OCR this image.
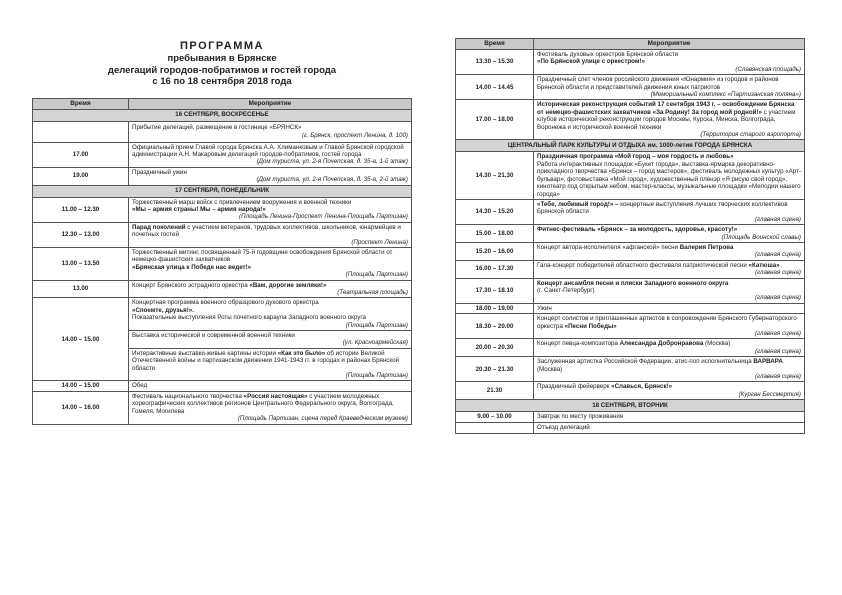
ПРОГРАММА
пребывания в Брянске
делегаций городов-побратимов и гостей города
с 16 по 18 сентября 2018 года
Время	Мероприятие
16 СЕНТЯБРЯ, ВОСКРЕСЕНЬЕ	

	Прибытие делегаций, размещение в гостинице «БРЯНСК»
(г. Брянск, проспект Ленина, д. 100)

17.00	Официальный прием Главой города Брянска А.А. Хлиманковым и Главой Брянской городской администрации А.Н. Макаровым делегаций городов-побратимов, гостей города
(Дом туриста, ул. 2-я Почепская, д. 35-а, 1-й этаж)

19.00	Праздничный ужин
(Дом туриста, ул. 2-я Почепская, д. 35-а, 2-й этаж)

17 СЕНТЯБРЯ, ПОНЕДЕЛЬНИК	
11.00 – 12.30	Торжественный марш войск с привлечением вооружения и военной техники
«Мы – армия страны! Мы – армия народа!»
(Площадь Ленина-Проспект Ленина-Площадь Партизан)

12.30 – 13.00	Парад поколений с участием ветеранов, трудовых коллективов, школьников, юнармейцев и почетных гостей
(Проспект Ленина)

13.00 – 13.50	Торжественный митинг, посвященный 75-й годовщине освобождения Брянской области от немецко-фашистских захватчиков
«Брянская улица к Победе нас ведет!»
(Площадь Партизан)

13.00	Концерт Брянского эстрадного оркестра «Вам, дорогие земляки!»
(Театральная площадь)

14.00 – 15.00	Концертная программа военного образцового духового оркестра
«Споемте, друзья!».
Показательные выступления Роты почетного караула Западного военного округа
(Площадь Партизан)

	Выставка исторической и современной военной техники
(ул. Красноармейская)

	Интерактивные выставки-живые картины истории «Как это было» об истории Великой Отечественной войны и партизанском движении 1941-1943 гг. в городах и районах Брянской области
(Площадь Партизан)

14.00 – 15.00	Обед
14.00 – 16.00	Фестиваль национального творчества «Россия настоящая» с участием молодежных хореографических коллективов регионов Центрального Федерального округа, Волгограда, Гомеля, Могилева
(Площадь Партизан, сцена перед Краеведческим музеем)
Время	Мероприятие
13.30 – 15.30	Фестиваль духовых оркестров Брянской области
«По Брянской улице с оркестром!»
(Славянская площадь)

14.00 – 14.45	Праздничный слет членов российского движения «Юнармия» из городов и районов Брянской области и представителей движения юных патриотов
(Мемориальный комплекс «Партизанская поляна»)

17.00 – 18.00	Историческая реконструкция событий 17 сентября 1943 г. – освобождение Брянска от немецко-фашистских захватчиков «За Родину! За город мой родной!» с участием клубов исторической реконструкции городов Москвы, Курска, Минска, Волгограда, Воронежа и исторической военной техники
(Территория старого аэропорта)

ЦЕНТРАЛЬНЫЙ ПАРК КУЛЬТУРЫ И ОТДЫХА им. 1000-летия ГОРОДА БРЯНСКА	
14.30 – 21.30	Праздничная программа «Мой город – моя гордость и любовь»
Работа интерактивных площадок «Букет города», выставка-ярмарка декоративно-прикладного творчества «Брянск – город мастеров», фестиваль молодежных культур «Арт-бульвар», фотовыставка «Мой город», художественный пленэр «Я рисую свой город», кинотеатр под открытым небом, мастер-классы, музыкальные площадки «Мелодии нашего города»

14.30 – 15.20	«Тебе, любимый город!» – концертные выступления лучших творческих коллективов Брянской области
(главная сцена)

15.00 – 18.00	Фитнес-фестиваль «Брянск – за молодость, здоровье, красоту!»
(Площадь Воинской славы)

15.20 – 16.00	Концерт автора-исполнителя «афганской» песни Валерия Петрова
(главная сцена)

16.00 – 17.30	Гала-концерт победителей областного фестиваля патриотической песни «Катюша»
(главная сцена)

17.30 – 18.10	Концерт ансамбля песни и пляски Западного военного округа
(г. Санкт-Петербург)
(главная сцена)

18.00 – 19.00	Ужин
18.30 – 20.00	Концерт солистов и приглашенных артистов в сопровождении Брянского Губернаторского оркестра «Песни Победы»
(главная сцена)

20.00 – 20.30	Концерт певца-композитора Александра Добронравова (Москва)
(главная сцена)

20.30 – 21.30	Заслуженная артистка Российской Федерации, атис-поп исполнительница ВАРВАРА (Москва)
(главная сцена)

21.30	Праздничный фейерверк «Славься, Брянск!»
(Курган Бессмертия)

18 СЕНТЯБРЯ, ВТОРНИК	
9.00 – 10.00	Завтрак по месту проживания
	Отъезд делегаций
